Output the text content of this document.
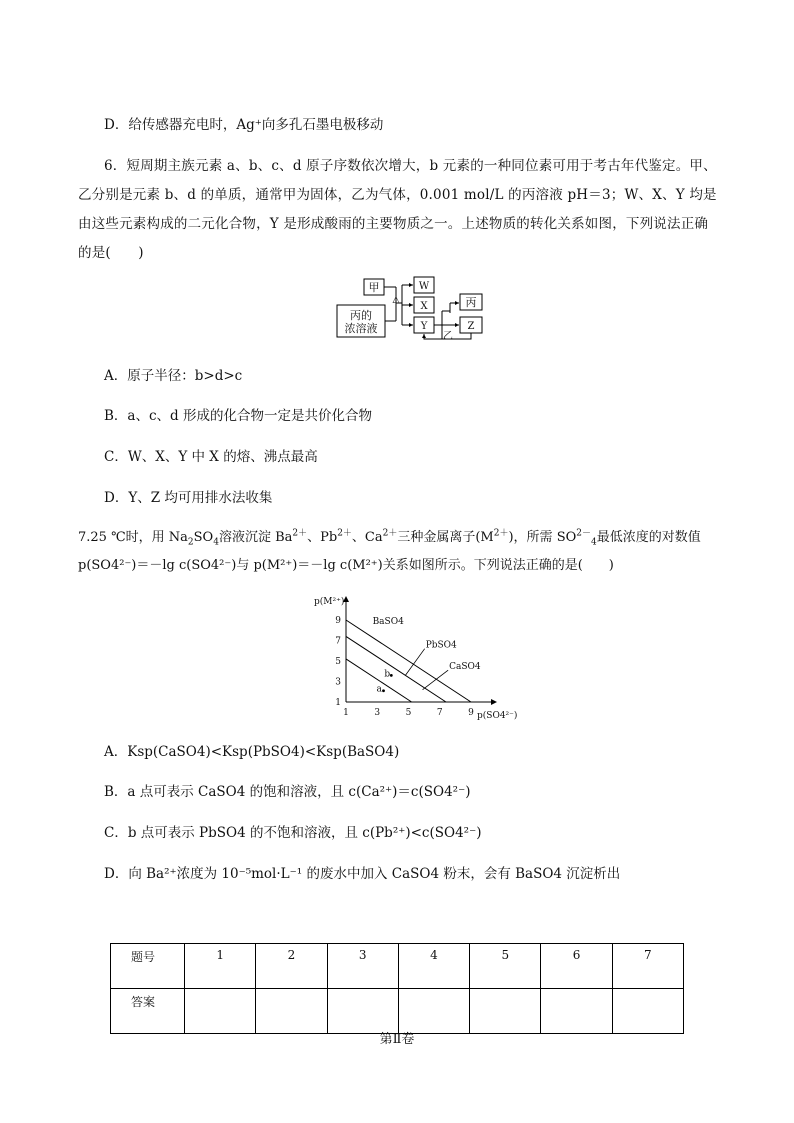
D．给传感器充电时，Ag⁺向多孔石墨电极移动
6．短周期主族元素 a、b、c、d 原子序数依次增大，b 元素的一种同位素可用于考古年代鉴定。甲、乙分别是元素 b、d 的单质，通常甲为固体，乙为气体，0.001 mol/L 的丙溶液 pH＝3；W、X、Y 均是由这些元素构成的二元化合物，Y 是形成酸雨的主要物质之一。上述物质的转化关系如图，下列说法正确的是(　　)
甲
丙的
浓溶液
△
W
X
Y
丙
Z
乙
A．原子半径：b>d>c
B．a、c、d 形成的化合物一定是共价化合物
C．W、X、Y 中 X 的熔、沸点最高
D．Y、Z 均可用排水法收集
7.25 ℃时，用 $Na_2SO_4$溶液沉淀 $Ba^{2+}$、$Pb^{2+}$、$Ca^{2+}$三种金属离子$(M^{2+})$，所需 $SO^{2-}_4$最低浓度的对数值
p(SO4²⁻)＝－lg c(SO4²⁻)与 p(M²⁺)＝－lg c(M²⁺)关系如图所示。下列说法正确的是(　　)
p(SO4²⁻)
p(M²⁺)
1	3	5	7	9
1
3
5
7
9	BaSO4
PbSO4
CaSO4
b
a
A．Ksp(CaSO4)<Ksp(PbSO4)<Ksp(BaSO4)
B．a 点可表示 CaSO4 的饱和溶液，且 c(Ca²⁺)＝c(SO4²⁻)
C．b 点可表示 PbSO4 的不饱和溶液，且 c(Pb²⁺)<c(SO4²⁻)
D．向 Ba²⁺浓度为 10⁻⁵mol·L⁻¹ 的废水中加入 CaSO4 粉末，会有 BaSO4 沉淀析出
题号	1	2	3	4	5	6	7
答案							
第Ⅱ卷
